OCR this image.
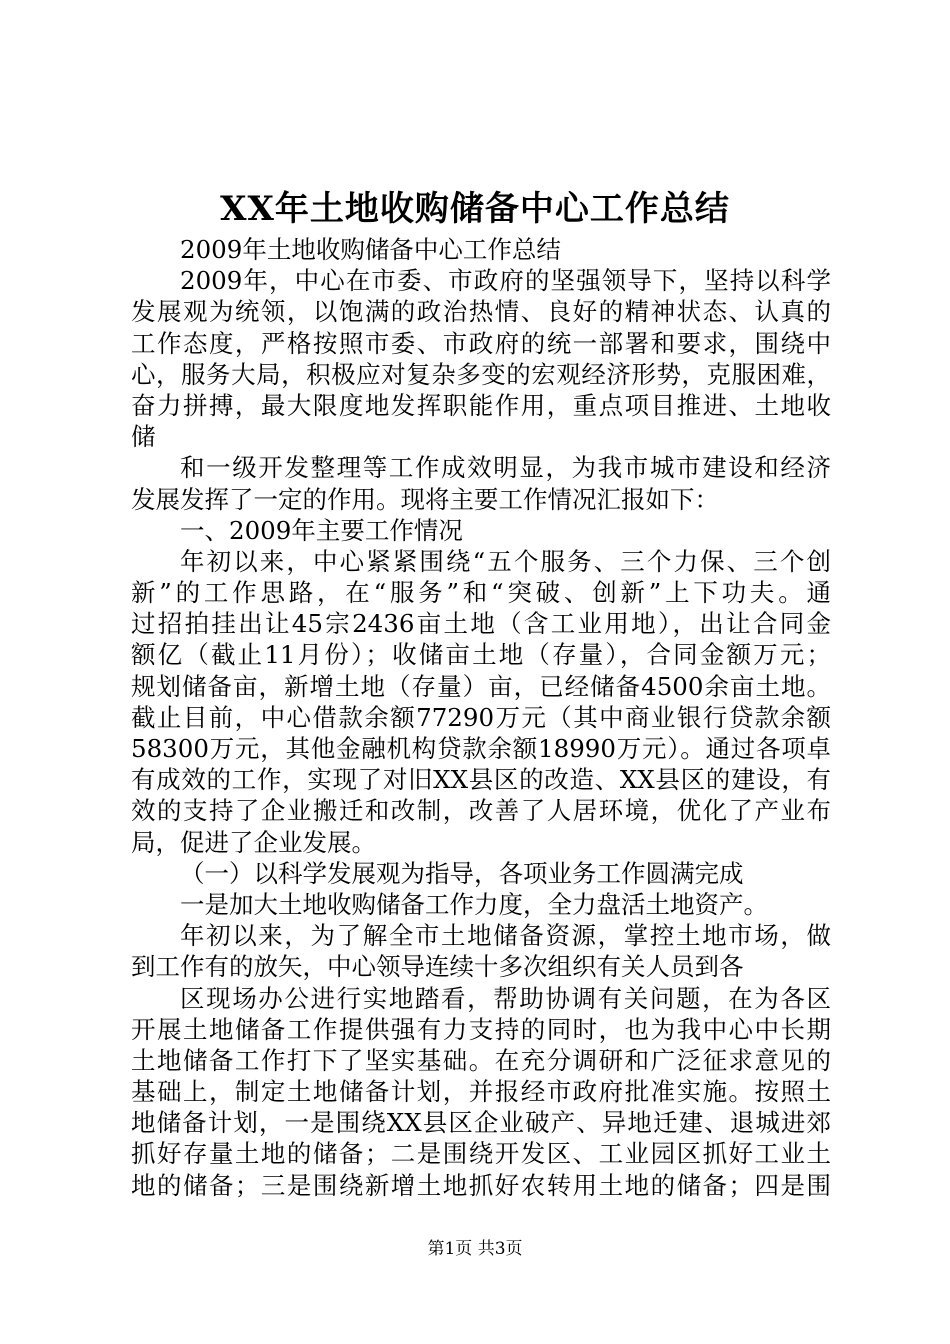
XX年土地收购储备中心工作总结
2009年土地收购储备中心工作总结
2009年，中心在市委、市政府的坚强领导下，坚持以科学
发展观为统领，以饱满的政治热情、良好的精神状态、认真的
工作态度，严格按照市委、市政府的统一部署和要求，围绕中
心，服务大局，积极应对复杂多变的宏观经济形势，克服困难，
奋力拼搏，最大限度地发挥职能作用，重点项目推进、土地收
储
和一级开发整理等工作成效明显，为我市城市建设和经济
发展发挥了一定的作用。现将主要工作情况汇报如下：
一、2009年主要工作情况
年初以来，中心紧紧围绕“五个服务、三个力保、三个创
新”的工作思路，在“服务”和“突破、创新”上下功夫。通
过招拍挂出让45宗2436亩土地（含工业用地），出让合同金
额亿（截止11月份）；收储亩土地（存量），合同金额万元；
规划储备亩，新增土地（存量）亩，已经储备4500余亩土地。
截止目前，中心借款余额77290万元（其中商业银行贷款余额
58300万元，其他金融机构贷款余额18990万元）。通过各项卓
有成效的工作，实现了对旧XX县区的改造、XX县区的建设，有
效的支持了企业搬迁和改制，改善了人居环境，优化了产业布
局，促进了企业发展。
（一）以科学发展观为指导，各项业务工作圆满完成
一是加大土地收购储备工作力度，全力盘活土地资产。
年初以来，为了解全市土地储备资源，掌控土地市场，做
到工作有的放矢，中心领导连续十多次组织有关人员到各
区现场办公进行实地踏看，帮助协调有关问题，在为各区
开展土地储备工作提供强有力支持的同时，也为我中心中长期
土地储备工作打下了坚实基础。在充分调研和广泛征求意见的
基础上，制定土地储备计划，并报经市政府批准实施。按照土
地储备计划，一是围绕XX县区企业破产、异地迁建、退城进郊
抓好存量土地的储备；二是围绕开发区、工业园区抓好工业土
地的储备；三是围绕新增土地抓好农转用土地的储备；四是围
第1页 共3页
